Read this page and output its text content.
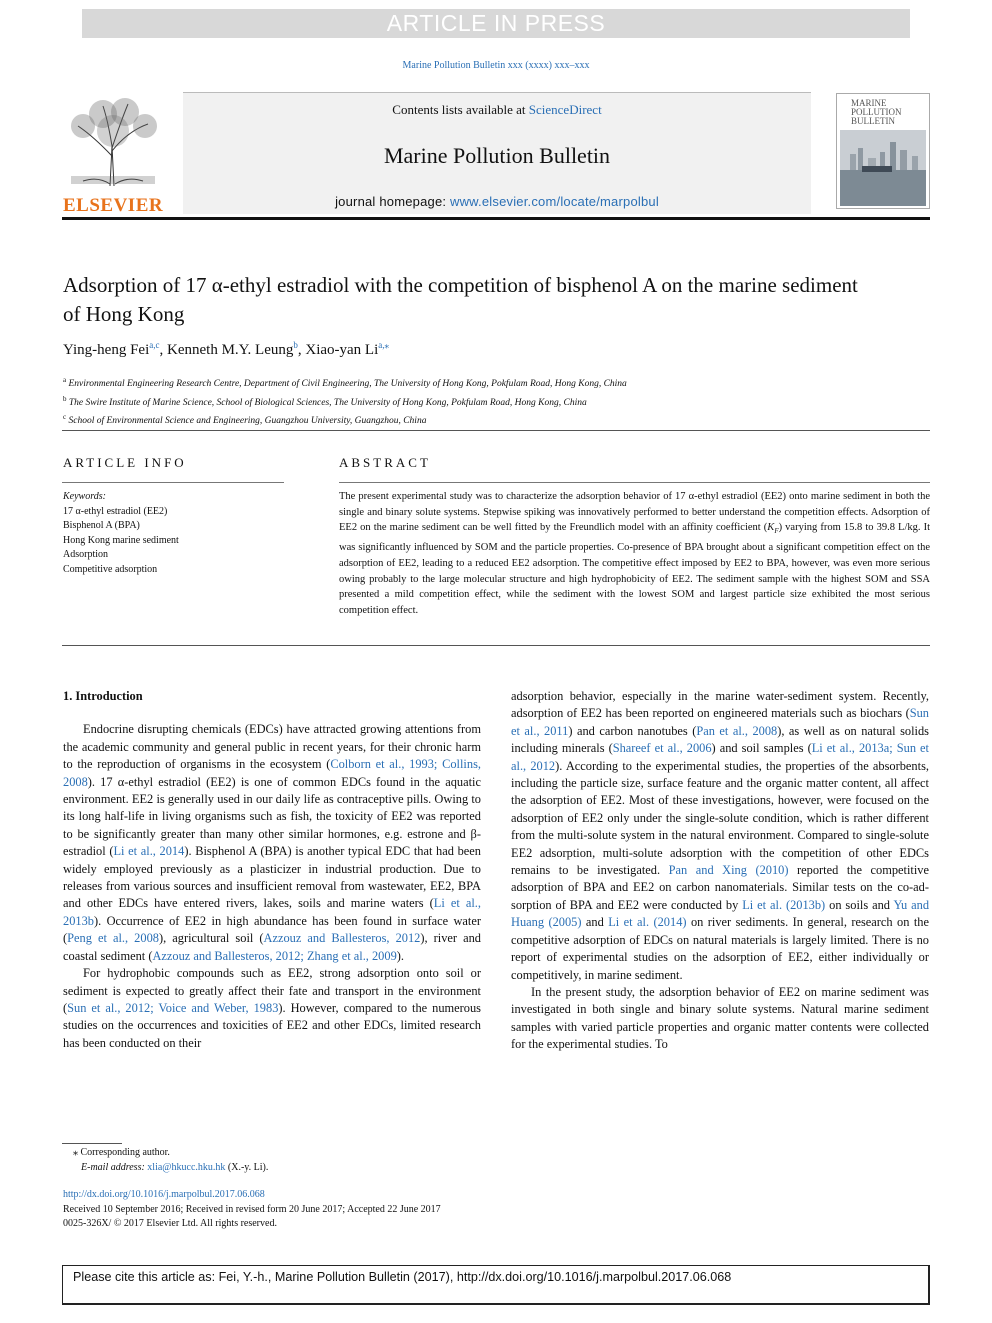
ARTICLE IN PRESS
Marine Pollution Bulletin xxx (xxxx) xxx–xxx
ELSEVIER
Contents lists available at ScienceDirect
Marine Pollution Bulletin
journal homepage: www.elsevier.com/locate/marpolbul
MARINE
POLLUTION
BULLETIN
Adsorption of 17 α-ethyl estradiol with the competition of bisphenol A on the marine sediment of Hong Kong
Ying-heng Fei$^{a,c}$, Kenneth M.Y. Leung$^b$, Xiao-yan $Li^{a,⁎}$
$^a$ Environmental Engineering Research Centre, Department of Civil Engineering, The University of Hong Kong, Pokfulam Road, Hong Kong, China
$^b$ The Swire Institute of Marine Science, School of Biological Sciences, The University of Hong Kong, Pokfulam Road, Hong Kong, China
$^c$ School of Environmental Science and Engineering, Guangzhou University, Guangzhou, China
ARTICLE INFO	ABSTRACT
Keywords:
17 α-ethyl estradiol (EE2)
Bisphenol A (BPA)
Hong Kong marine sediment
Adsorption
Competitive adsorption
The present experimental study was to characterize the adsorption behavior of 17 α-ethyl estradiol (EE2) onto marine sediment in both the single and binary solute systems. Stepwise spiking was innovatively performed to better understand the competition effects. Adsorption of EE2 on the marine sediment can be well fitted by the Freundlich model with an affinity coefficient $(K_F)$ varying from 15.8 to 39.8 L/kg. It was significantly influenced by SOM and the particle properties. Co-presence of BPA brought about a significant competition effect on the adsorption of EE2, leading to a reduced EE2 adsorption. The competitive effect imposed by EE2 to BPA, however, was even more serious owing probably to the large molecular structure and high hydrophobicity of EE2. The sediment sample with the highest SOM and SSA presented a mild competition effect, while the sediment with the lowest SOM and largest particle size exhibited the most serious competition effect.
1. Introduction

Endocrine disrupting chemicals (EDCs) have attracted growing attentions from the academic community and general public in recent years, for their chronic harm to the reproduction of organisms in the ecosystem (Colborn et al., 1993; Collins, 2008). 17 α-ethyl estradiol (EE2) is one of common EDCs found in the aquatic environment. EE2 is generally used in our daily life as contraceptive pills. Owing to its long half-life in living organisms such as fish, the toxicity of EE2 was reported to be significantly greater than many other similar hormones, e.g. estrone and β-estradiol (Li et al., 2014). Bisphenol A (BPA) is another typical EDC that had been widely employed previously as a plasticizer in industrial production. Due to releases from various sources and insufficient removal from wastewater, EE2, BPA and other EDCs have entered rivers, lakes, soils and marine waters (Li et al., 2013b). Occurrence of EE2 in high abundance has been found in surface water (Peng et al., 2008), agricultural soil (Azzouz and Ballesteros, 2012), river and coastal sediment (Azzouz and Ballesteros, 2012; Zhang et al., 2009).

For hydrophobic compounds such as EE2, strong adsorption onto soil or sediment is expected to greatly affect their fate and transport in the environment (Sun et al., 2012; Voice and Weber, 1983). However, compared to the numerous studies on the occurrences and toxicities of EE2 and other EDCs, limited research has been conducted on their

adsorption behavior, especially in the marine water-sediment system. Recently, adsorption of EE2 has been reported on engineered materials such as biochars (Sun et al., 2011) and carbon nanotubes (Pan et al., 2008), as well as on natural solids including minerals (Shareef et al., 2006) and soil samples (Li et al., 2013a; Sun et al., 2012). According to the experimental studies, the properties of the absorbents, including the particle size, surface feature and the organic matter content, all affect the adsorption of EE2. Most of these investigations, however, were focused on the adsorption of EE2 only under the single-solute condition, which is rather different from the multi-solute system in the natural environment. Compared to single-solute EE2 adsorption, multi-solute adsorption with the competition of other EDCs remains to be investigated. Pan and Xing (2010) reported the competitive adsorption of BPA and EE2 on carbon nanomaterials. Similar tests on the co-adsorption of BPA and EE2 were conducted by Li et al. (2013b) on soils and Yu and Huang (2005) and Li et al. (2014) on river sediments. In general, research on the competitive adsorption of EDCs on natural materials is largely limited. There is no report of experimental studies on the adsorption of EE2, either individually or competitively, in marine sediment.

In the present study, the adsorption behavior of EE2 on marine sediment was investigated in both single and binary solute systems. Natural marine sediment samples with varied particle properties and organic matter contents were collected for the experimental studies. To

⁎ Corresponding author.
E-mail address: xlia@hkucc.hku.hk (X.-y. Li).
http://dx.doi.org/10.1016/j.marpolbul.2017.06.068
Received 10 September 2016; Received in revised form 20 June 2017; Accepted 22 June 2017
0025-326X/ © 2017 Elsevier Ltd. All rights reserved.
Please cite this article as: Fei, Y.-h., Marine Pollution Bulletin (2017), http://dx.doi.org/10.1016/j.marpolbul.2017.06.068
